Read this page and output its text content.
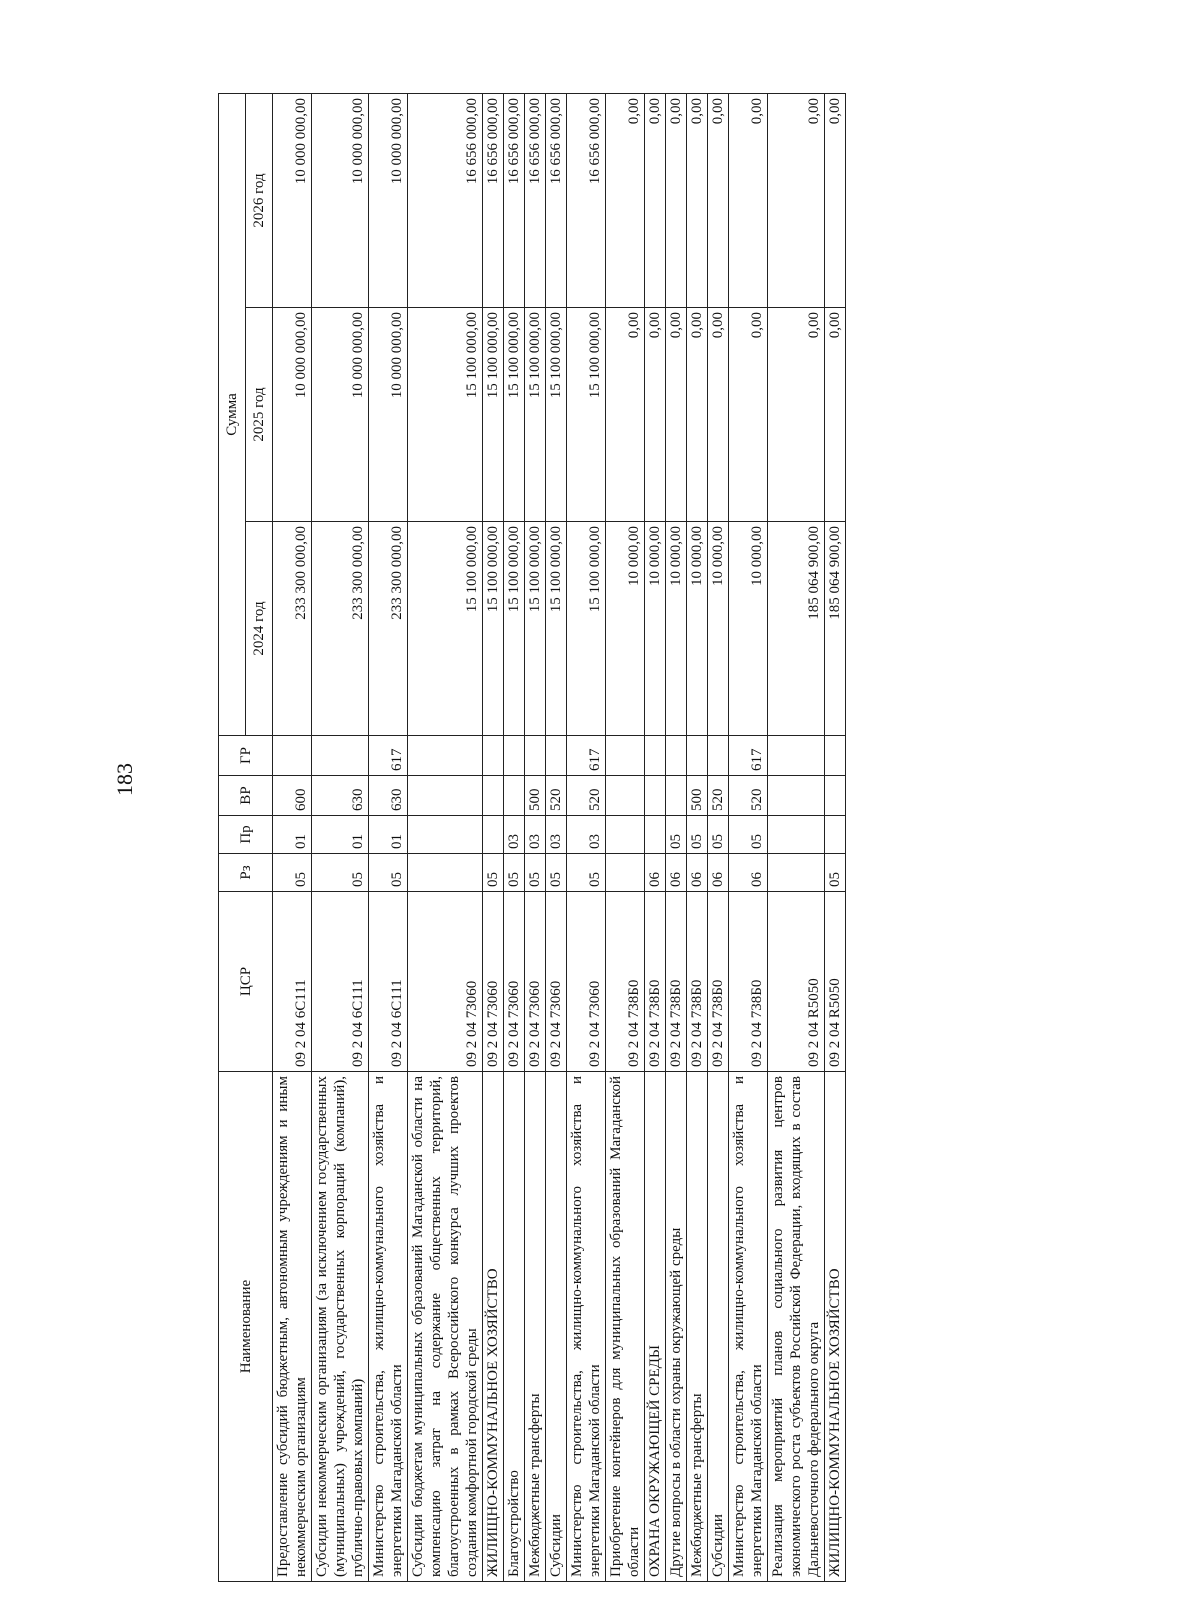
183
Наименование	ЦСР	Рз	Пр	ВР	ГР	Сумма		
						2024 год	2025 год	2026 год
Предоставление субсидий бюджетным, автономным учреждениям и иным некоммерческим организациям	09 2 04 6С111	05	01	600		233 300 000,00	10 000 000,00	10 000 000,00
Субсидии некоммерческим организациям (за исключением государственных (муниципальных) учреждений, государственных корпораций (компаний), публично-правовых компаний)	09 2 04 6С111	05	01	630		233 300 000,00	10 000 000,00	10 000 000,00
Министерство строительства, жилищно-коммунального хозяйства и энергетики Магаданской области	09 2 04 6С111	05	01	630	617	233 300 000,00	10 000 000,00	10 000 000,00
Субсидии бюджетам муниципальных образований Магаданской области на компенсацию затрат на содержание общественных территорий, благоустроенных в рамках Всероссийского конкурса лучших проектов создания комфортной городской среды	09 2 04 73060					15 100 000,00	15 100 000,00	16 656 000,00
ЖИЛИЩНО-КОММУНАЛЬНОЕ ХОЗЯЙСТВО	09 2 04 73060	05				15 100 000,00	15 100 000,00	16 656 000,00
Благоустройство	09 2 04 73060	05	03			15 100 000,00	15 100 000,00	16 656 000,00
Межбюджетные трансферты	09 2 04 73060	05	03	500		15 100 000,00	15 100 000,00	16 656 000,00
Субсидии	09 2 04 73060	05	03	520		15 100 000,00	15 100 000,00	16 656 000,00
Министерство строительства, жилищно-коммунального хозяйства и энергетики Магаданской области	09 2 04 73060	05	03	520	617	15 100 000,00	15 100 000,00	16 656 000,00
Приобретение контейнеров для муниципальных образований Магаданской области	09 2 04 738Б0					10 000,00	0,00	0,00
ОХРАНА ОКРУЖАЮЩЕЙ СРЕДЫ	09 2 04 738Б0	06				10 000,00	0,00	0,00
Другие вопросы в области охраны окружающей среды	09 2 04 738Б0	06	05			10 000,00	0,00	0,00
Межбюджетные трансферты	09 2 04 738Б0	06	05	500		10 000,00	0,00	0,00
Субсидии	09 2 04 738Б0	06	05	520		10 000,00	0,00	0,00
Министерство строительства, жилищно-коммунального хозяйства и энергетики Магаданской области	09 2 04 738Б0	06	05	520	617	10 000,00	0,00	0,00
Реализация мероприятий планов социального развития центров экономического роста субъектов Российской Федерации, входящих в состав Дальневосточного федерального округа	09 2 04 R5050					185 064 900,00	0,00	0,00
ЖИЛИЩНО-КОММУНАЛЬНОЕ ХОЗЯЙСТВО	09 2 04 R5050	05				185 064 900,00	0,00	0,00
